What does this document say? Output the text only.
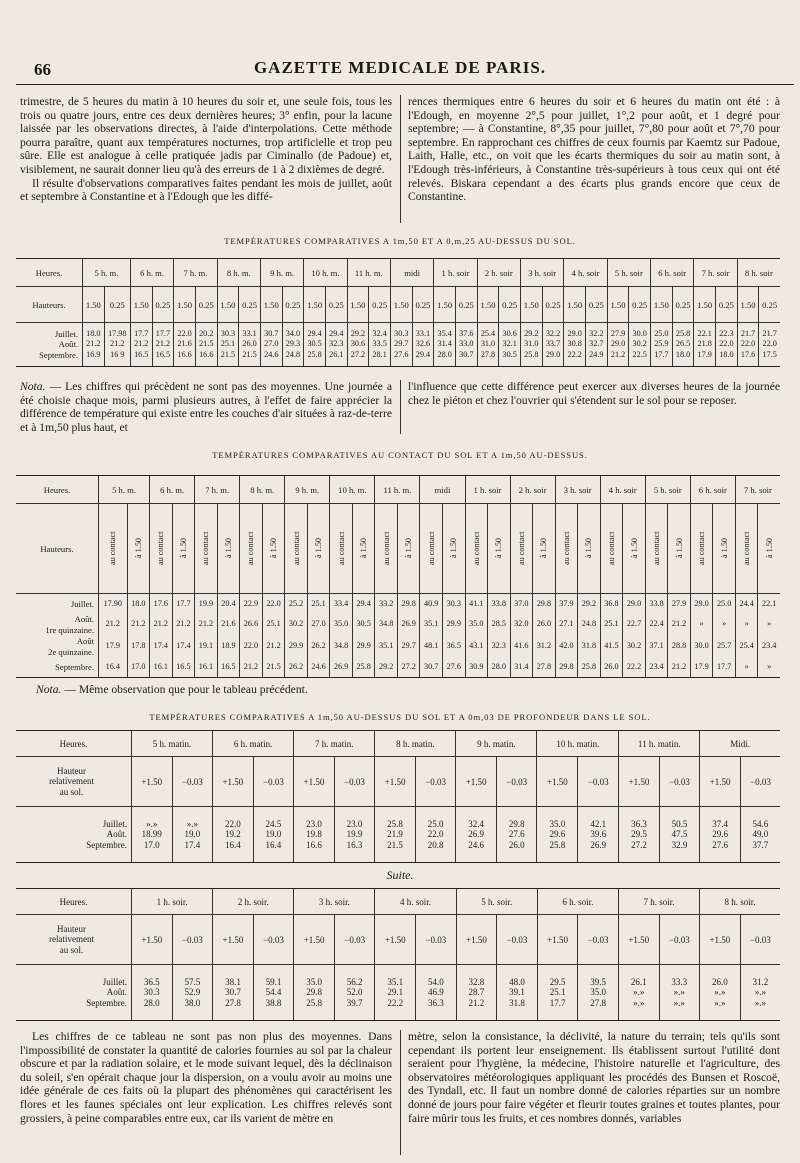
66	GAZETTE MEDICALE DE PARIS.

trimestre, de 5 heures du matin à 10 heures du soir et, une seule fois, tous les trois ou quatre jours, entre ces deux dernières heures; 3° enfin, pour la lacune laissée par les observations directes, à l'aide d'interpolations. Cette méthode pourra paraître, quant aux températures nocturnes, trop artificielle et trop peu sûre. Elle est analogue à celle pratiquée jadis par Ciminallo (de Padoue) et, visiblement, ne saurait donner lieu qu'à des erreurs de 1 à 2 dixièmes de degré.

Il résulte d'observations comparatives faites pendant les mois de juillet, août et septembre à Constantine et à l'Edough que les diffé-

rences thermiques entre 6 heures du soir et 6 heures du matin ont été : à l'Edough, en moyenne 2°,5 pour juillet, 1°,2 pour août, et 1 degré pour septembre; — à Constantine, 8°,35 pour juillet, 7°,80 pour août et 7°,70 pour septembre. En rapprochant ces chiffres de ceux fournis par Kaemtz sur Padoue, Laith, Halle, etc., on voit que les écarts thermiques du soir au matin sont, à l'Edough très-inférieurs, à Constantine très-supérieurs à tous ceux qui ont été relevés. Biskara cependant a des écarts plus grands encore que ceux de Constantine.

TEMPÉRATURES COMPARATIVES A 1m,50 ET A 0,m,25 AU-DESSUS DU SOL.
Heures.	5 h. m.		6 h. m.		7 h. m.		8 h. m.		9 h. m.		10 h. m.		11 h. m.		midi		1 h. soir		2 h. soir		3 h. soir		4 h. soir		5 h. soir		6 h. soir		7 h. soir		8 h. soir	
Hauteurs.	1.50	0.25	1.50	0.25	1.50	0.25	1.50	0.25	1.50	0.25	1.50	0.25	1.50	0.25	1.50	0.25	1.50	0.25	1.50	0.25	1.50	0.25	1.50	0.25	1.50	0.25	1.50	0.25	1.50	0.25	1.50	0.25
Juillet.
Août.
Septembre.	18.0
21.2
16.9	17.98
21.2
16 9	17.7
21.2
16.5	17.7
21.2
16.5	22.0
21.6
16.6	20.2
21.5
16.6	30.3
25.1
21.5	33.1
26.0
21.5	30.7
27.0
24.6	34.0
29.3
24.8	29.4
30.5
25.8	29.4
32.3
26.1	29.2
30.6
27.2	32.4
33.5
28.1	30.3
29.7
27.6	33.1
32.6
29.4	35.4
31.4
28.0	37.6
33.0
30.7	25.4
31.0
27.8	30.6
32.1
30.5	29.2
31.0
25.8	32.2
33.7
29.0	29.0
30.8
22.2	32.2
32.7
24.9	27.9
29.0
21.2	30.0
30.2
22.5	25.0
25.9
17.7	25.8
26.5
18.0	22.1
21.8
17.9	22.3
22.0
18.0	21.7
22.0
17.6	21.7
22.0
17.5
Nota. — Les chiffres qui précèdent ne sont pas des moyennes. Une journée a été choisie chaque mois, parmi plusieurs autres, à l'effet de faire apprécier la différence de température qui existe entre les couches d'air situées à raz-de-terre et à 1m,50 plus haut, et
l'influence que cette différence peut exercer aux diverses heures de la journée chez le piéton et chez l'ouvrier qui s'étendent sur le sol pour se reposer.
TEMPÉRATURES COMPARATIVES AU CONTACT DU SOL ET A 1m,50 AU-DESSUS.
Heures.	5 h. m.		6 h. m.		7 h. m.		8 h. m.		9 h. m.		10 h. m.		11 h. m.		midi		1 h. soir		2 h. soir		3 h. soir		4 h. soir		5 h. soir		6 h. soir		7 h. soir	
Hauteurs.	au contact	à 1.50	au contact	à 1.50	au contact	à 1.50	au contact	à 1.50	au contact	à 1.50	au contact	à 1.50	au contact	à 1.50	au contact	à 1.50	au contact	à 1.50	au contact	à 1.50	au contact	à 1.50	au contact	à 1.50	au contact	à 1.50	au contact	à 1.50	au contact	à 1.50
Juillet.	17.90	18.0	17.6	17.7	19.9	20.4	22.9	22.0	25.2	25.1	33.4	29.4	33.2	29.8	40.9	30.3	41.1	33.8	37.0	29.8	37.9	29.2	36.8	29.0	33.8	27.9	29.0	25.0	24.4	22.1
Août.
1re quinzaine.	21.2	21.2	21.2	21.2	21.2	21.6	26.6	25.1	30.2	27.0	35.0	30.5	34.8	26.9	35.1	29.9	35.0	28.5	32.0	26.0	27.1	24.8	25.1	22.7	22.4	21.2	»	»	»	»
Août
2e quinzaine.	17.9	17.8	17.4	17.4	19.1	18.9	22.0	21.2	29.9	26.2	34.8	29.9	35.1	29.7	48.1	36.5	43.1	32.3	41.6	31.2	42.0	31.8	41.5	30.2	37.1	28.8	30.0	25.7	25.4	23.4
Septembre.	16.4	17.0	16.1	16.5	16.1	16.5	21.2	21.5	26.2	24.6	26.9	25.8	29.2	27.2	30.7	27.6	30.9	28.0	31.4	27.8	29.8	25.8	26.0	22.2	23.4	21.2	17.9	17.7	»	»
Nota. — Même observation que pour le tableau précédent.
TEMPÉRATURES COMPARATIVES A 1m,50 AU-DESSUS DU SOL ET A 0m,03 DE PROFONDEUR DANS LE SOL.
Heures.	5 h. matin.		6 h. matin.		7 h. matin.		8 h. matin.		9 h. matin.		10 h. matin.		11 h. matin.		Midi.	
Hauteur
relativement
au sol.	+1.50	−0.03	+1.50	−0.03	+1.50	−0.03	+1.50	−0.03	+1.50	−0.03	+1.50	−0.03	+1.50	−0.03	+1.50	−0.03
Juillet.
Août.
Septembre.	».»
18.99
17.0	».»
19.0
17.4	22.0
19.2
16.4	24.5
19.0
16.4	23.0
19.8
16.6	23.0
19.9
16.3	25.8
21.9
21.5	25.0
22.0
20.8	32.4
26.9
24.6	29.8
27.6
26.0	35.0
29.6
25.8	42.1
39.6
26.9	36.3
29.5
27.2	50.5
47.5
32.9	37.4
29.6
27.6	54.6
49.0
37.7
Suite.
Heures.	1 h. soir.		2 h. soir.		3 h. soir.		4 h. soir.		5 h. soir.		6 h. soir.		7 h. soir.		8 h. soir.	
Hauteur
relativement
au sol.	+1.50	−0.03	+1.50	−0.03	+1.50	−0.03	+1.50	−0.03	+1.50	−0.03	+1.50	−0.03	+1.50	−0.03	+1.50	−0.03
Juillet.
Août.
Septembre.	36.5
30.3
28.0	57.5
52.9
38.0	38.1
30.7
27.8	59.1
54.4
38.8	35.0
29.8
25.8	56.2
52.0
39.7	35.1
29.1
22.2	54.0
46.9
36.3	32.8
28.7
21.2	48.0
39.1
31.8	29.5
25.1
17.7	39.5
35.0
27.8	26.1
».»
».»	33.3
».»
».»	26.0
».»
».»	31.2
».»
».»

Les chiffres de ce tableau ne sont pas non plus des moyennes. Dans l'impossibilité de constater la quantité de calories fournies au sol par la chaleur obscure et par la radiation solaire, et le mode suivant lequel, dès la déclinaison du soleil, s'en opérait chaque jour la dispersion, on a voulu avoir au moins une idée générale de ces faits où la plupart des phénomènes qui caractérisent les flores et les faunes spéciales ont leur explication. Les chiffres relevés sont grossiers, à peine comparables entre eux, car ils varient de mètre en

mètre, selon la consistance, la déclivité, la nature du terrain; tels qu'ils sont cependant ils portent leur enseignement. Ils établissent surtout l'utilité dont seraient pour l'hygiène, la médecine, l'histoire naturelle et l'agriculture, des observatoires météorologiques appliquant les procédés des Bunsen et Roscoë, des Tyndall, etc. Il faut un nombre donné de calories réparties sur un nombre donné de jours pour faire végéter et fleurir toutes graines et toutes plantes, pour faire mûrir tous les fruits, et ces nombres donnés, variables
